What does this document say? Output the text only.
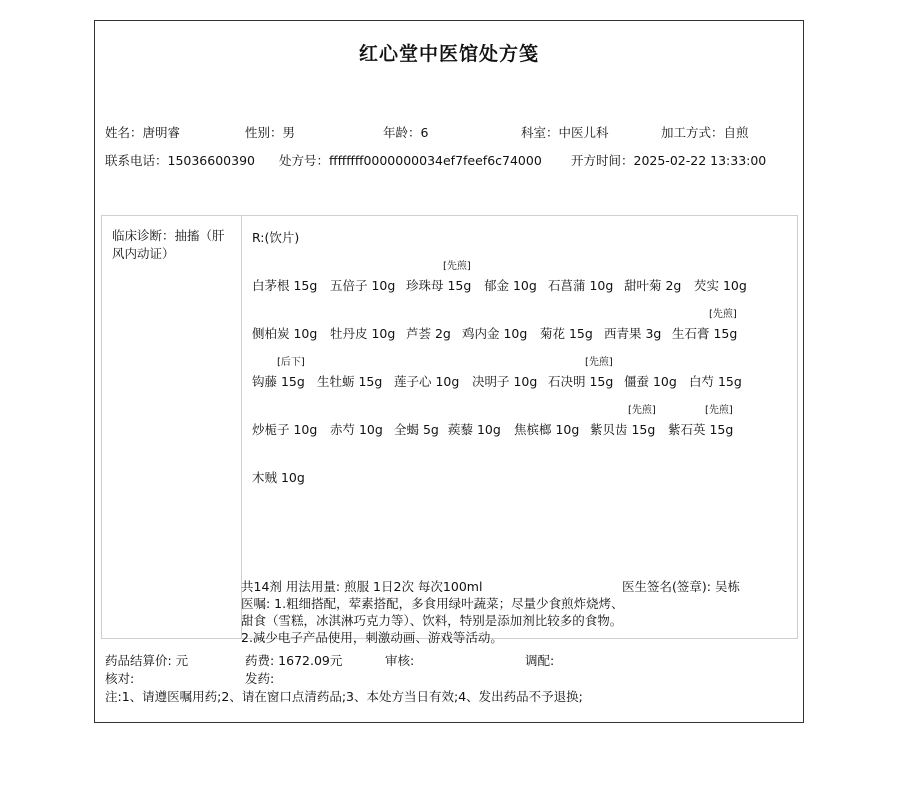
红心堂中医馆处方笺
姓名：唐明睿	性别：男	年龄：6	科室：中医儿科	加工方式：自煎
联系电话：15036600390 处方号：ffffffff0000000034ef7feef6c74000 开方时间：2025-02-22 13:33:00
临床诊断：抽搐（肝风内动证）
R:(饮片)
白茅根 15g 五倍子 10g
[先煎]
珍珠母 15g 郁金 10g 石菖蒲 10g 甜叶菊 2g 芡实 10g
侧柏炭 10g 牡丹皮 10g 芦荟 2g 鸡内金 10g 菊花 15g 西青果 3g
[先煎]
生石膏 15g
[后下]
钩藤 15g 生牡蛎 15g 莲子心 10g 决明子 10g
[先煎]
石决明 15g 僵蚕 10g 白芍 15g
炒栀子 10g 赤芍 10g 全蝎 5g 蒺藜 10g 焦槟榔 10g
[先煎]
紫贝齿 15g
[先煎]
紫石英 15g
木贼 10g
共14剂 用法用量: 煎服 1日2次 每次100ml	医生签名(签章): 吴栋
医嘱: 1.粗细搭配，荤素搭配，多食用绿叶蔬菜；尽量少食煎炸烧烤、甜食（雪糕，冰淇淋巧克力等）、饮料，特别是添加剂比较多的食物。2.减少电子产品使用，刺激动画、游戏等活动。
药品结算价: 元	药费: 1672.09元	审核:	调配:
核对:	发药:
注:1、请遵医嘱用药;2、请在窗口点清药品;3、本处方当日有效;4、发出药品不予退换;
